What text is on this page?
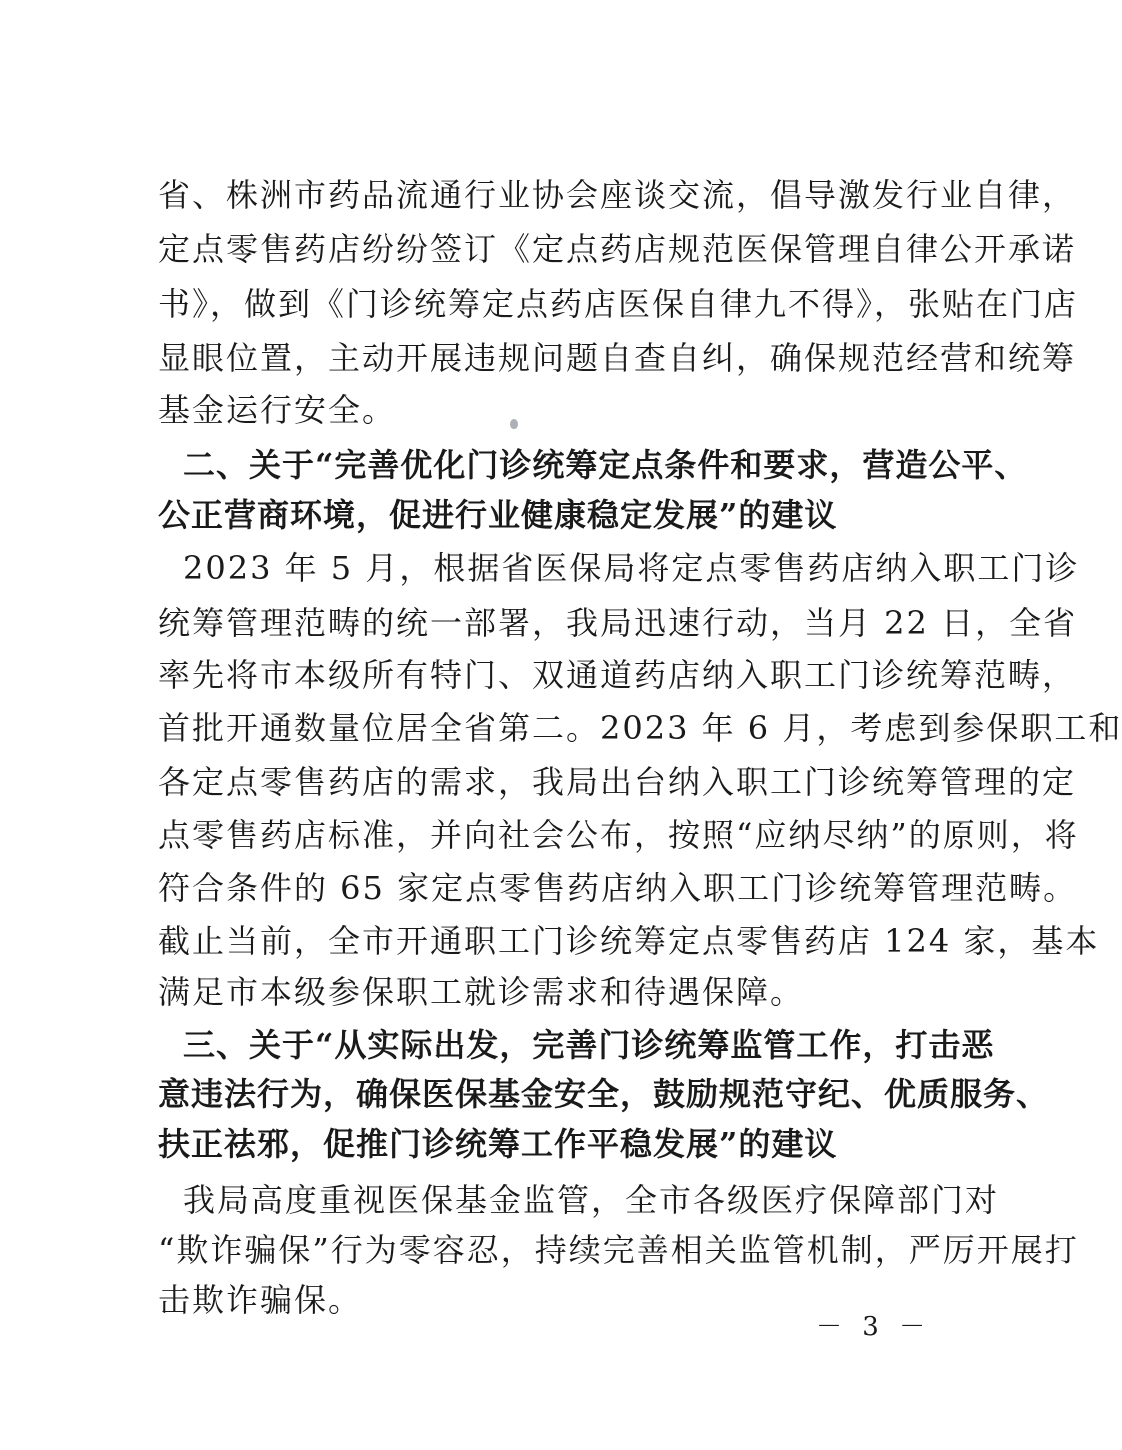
省、株洲市药品流通行业协会座谈交流，倡导激发行业自律，
定点零售药店纷纷签订《定点药店规范医保管理自律公开承诺
书》，做到《门诊统筹定点药店医保自律九不得》，张贴在门店
显眼位置，主动开展违规问题自查自纠，确保规范经营和统筹
基金运行安全。
二、关于“完善优化门诊统筹定点条件和要求，营造公平、
公正营商环境，促进行业健康稳定发展”的建议
2023 年 5 月，根据省医保局将定点零售药店纳入职工门诊
统筹管理范畴的统一部署，我局迅速行动，当月 22 日，全省
率先将市本级所有特门、双通道药店纳入职工门诊统筹范畴，
首批开通数量位居全省第二。2023 年 6 月，考虑到参保职工和
各定点零售药店的需求，我局出台纳入职工门诊统筹管理的定
点零售药店标准，并向社会公布，按照“应纳尽纳”的原则，将
符合条件的 65 家定点零售药店纳入职工门诊统筹管理范畴。
截止当前，全市开通职工门诊统筹定点零售药店 124 家，基本
满足市本级参保职工就诊需求和待遇保障。
三、关于“从实际出发，完善门诊统筹监管工作，打击恶
意违法行为，确保医保基金安全，鼓励规范守纪、优质服务、
扶正祛邪，促推门诊统筹工作平稳发展”的建议
我局高度重视医保基金监管，全市各级医疗保障部门对
“欺诈骗保”行为零容忍，持续完善相关监管机制，严厉开展打
击欺诈骗保。
－ 3 －
